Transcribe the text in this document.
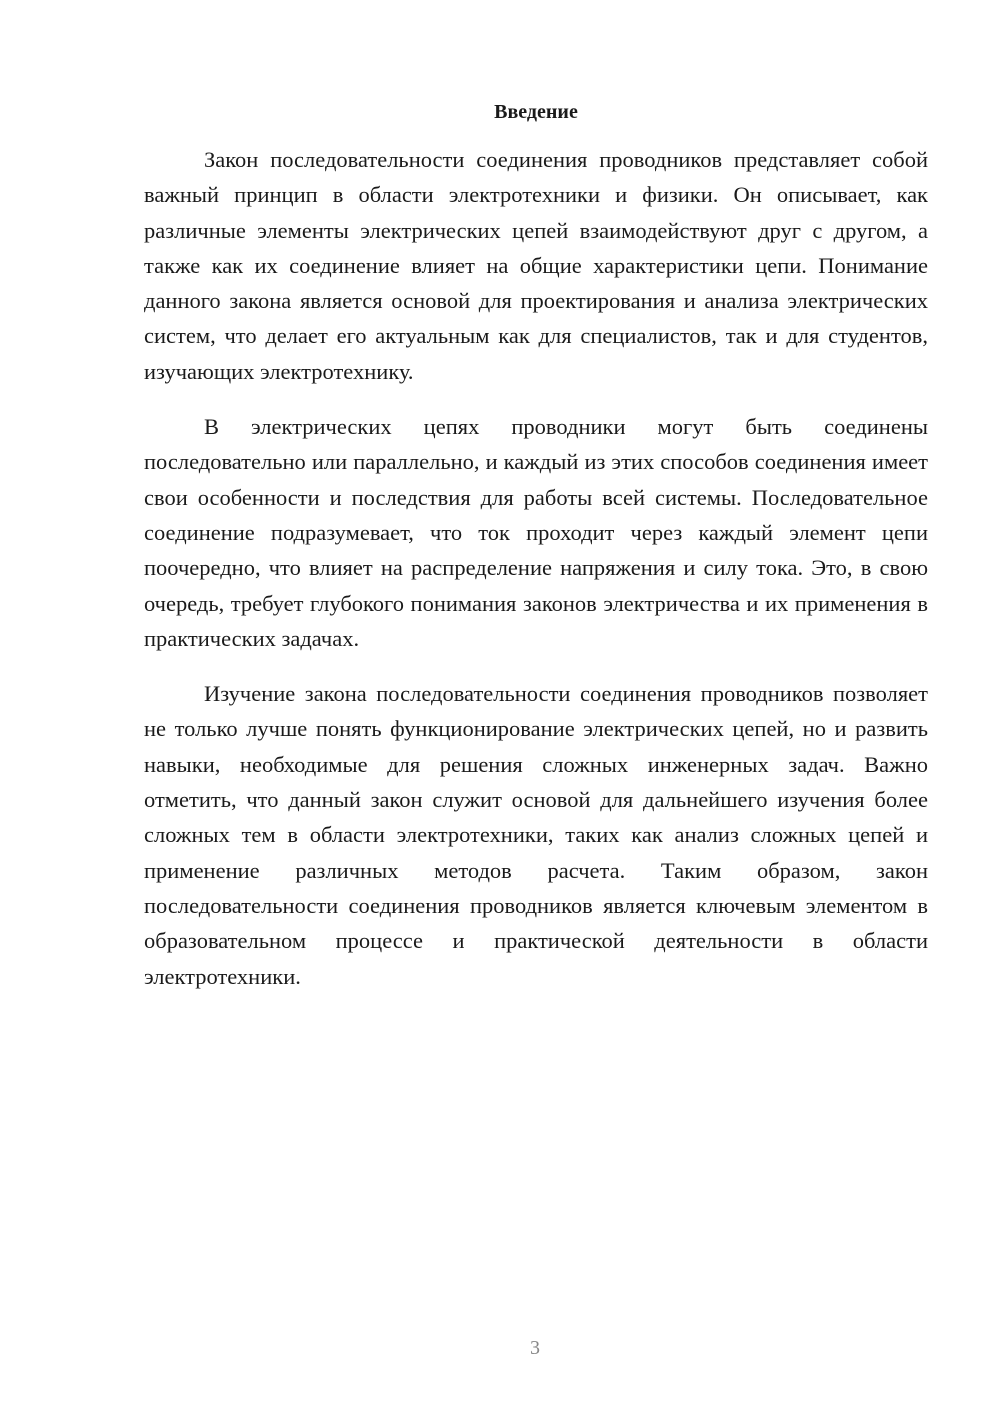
Введение

Закон последовательности соединения проводников представляет собой важный принцип в области электротехники и физики. Он описывает, как различные элементы электрических цепей взаимодействуют друг с другом, а также как их соединение влияет на общие характеристики цепи. Понимание данного закона является основой для проектирования и анализа электрических систем, что делает его актуальным как для специалистов, так и для студентов, изучающих электротехнику.

В электрических цепях проводники могут быть соединены последовательно или параллельно, и каждый из этих способов соединения имеет свои особенности и последствия для работы всей системы. Последовательное соединение подразумевает, что ток проходит через каждый элемент цепи поочередно, что влияет на распределение напряжения и силу тока. Это, в свою очередь, требует глубокого понимания законов электричества и их применения в практических задачах.

Изучение закона последовательности соединения проводников позволяет не только лучше понять функционирование электрических цепей, но и развить навыки, необходимые для решения сложных инженерных задач. Важно отметить, что данный закон служит основой для дальнейшего изучения более сложных тем в области электротехники, таких как анализ сложных цепей и применение различных методов расчета. Таким образом, закон последовательности соединения проводников является ключевым элементом в образовательном процессе и практической деятельности в области электротехники.

3
